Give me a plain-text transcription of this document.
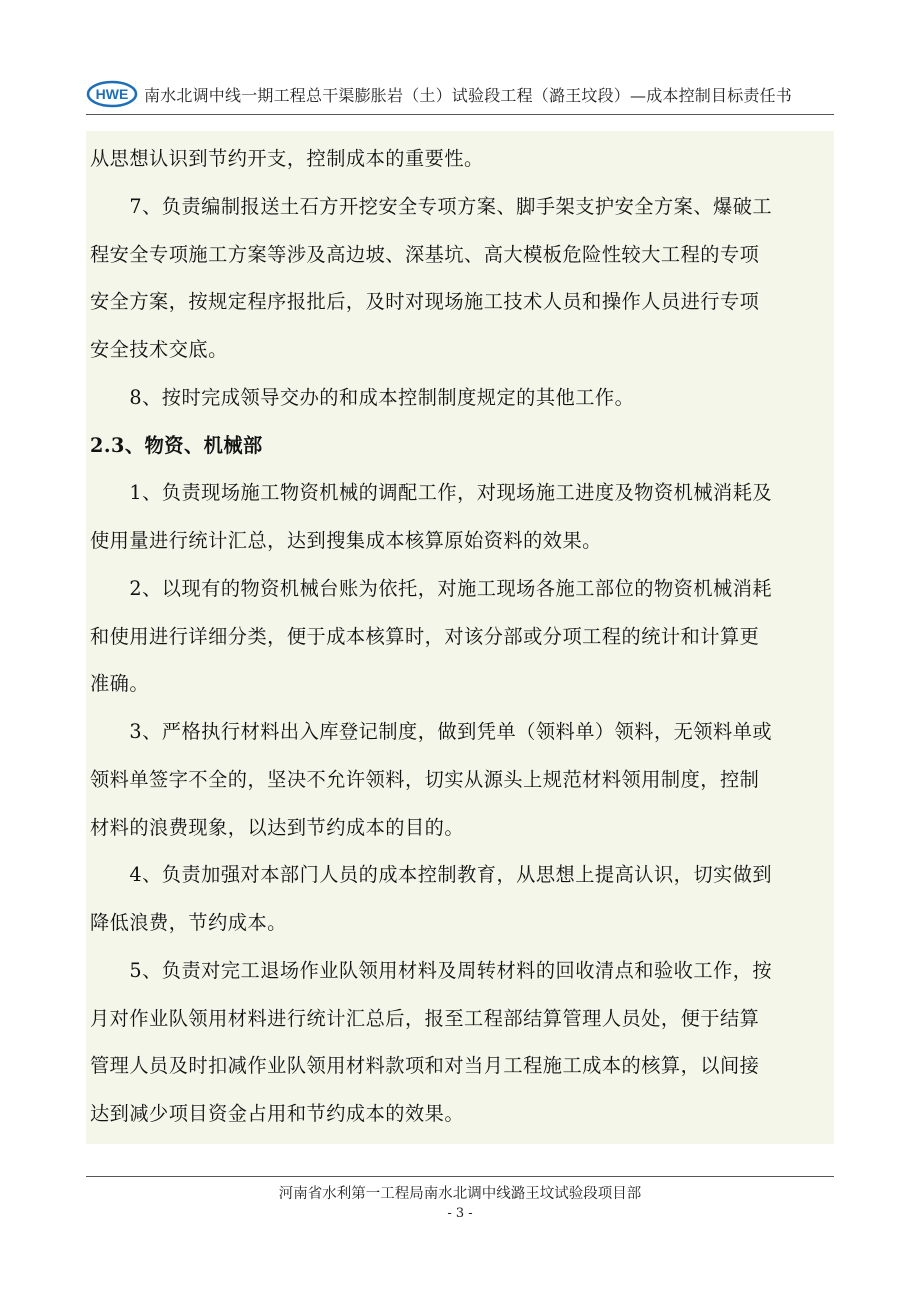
HWE 南水北调中线一期工程总干渠膨胀岩（土）试验段工程（潞王坟段）—成本控制目标责任书
从思想认识到节约开支，控制成本的重要性。
　　7、负责编制报送土石方开挖安全专项方案、脚手架支护安全方案、爆破工
程安全专项施工方案等涉及高边坡、深基坑、高大模板危险性较大工程的专项
安全方案，按规定程序报批后，及时对现场施工技术人员和操作人员进行专项
安全技术交底。
　　8、按时完成领导交办的和成本控制制度规定的其他工作。
2.3、物资、机械部
　　1、负责现场施工物资机械的调配工作，对现场施工进度及物资机械消耗及
使用量进行统计汇总，达到搜集成本核算原始资料的效果。
　　2、以现有的物资机械台账为依托，对施工现场各施工部位的物资机械消耗
和使用进行详细分类，便于成本核算时，对该分部或分项工程的统计和计算更
准确。
　　3、严格执行材料出入库登记制度，做到凭单（领料单）领料，无领料单或
领料单签字不全的，坚决不允许领料，切实从源头上规范材料领用制度，控制
材料的浪费现象，以达到节约成本的目的。
　　4、负责加强对本部门人员的成本控制教育，从思想上提高认识，切实做到
降低浪费，节约成本。
　　5、负责对完工退场作业队领用材料及周转材料的回收清点和验收工作，按
月对作业队领用材料进行统计汇总后，报至工程部结算管理人员处，便于结算
管理人员及时扣减作业队领用材料款项和对当月工程施工成本的核算，以间接
达到减少项目资金占用和节约成本的效果。
河南省水利第一工程局南水北调中线潞王坟试验段项目部
- 3 -
